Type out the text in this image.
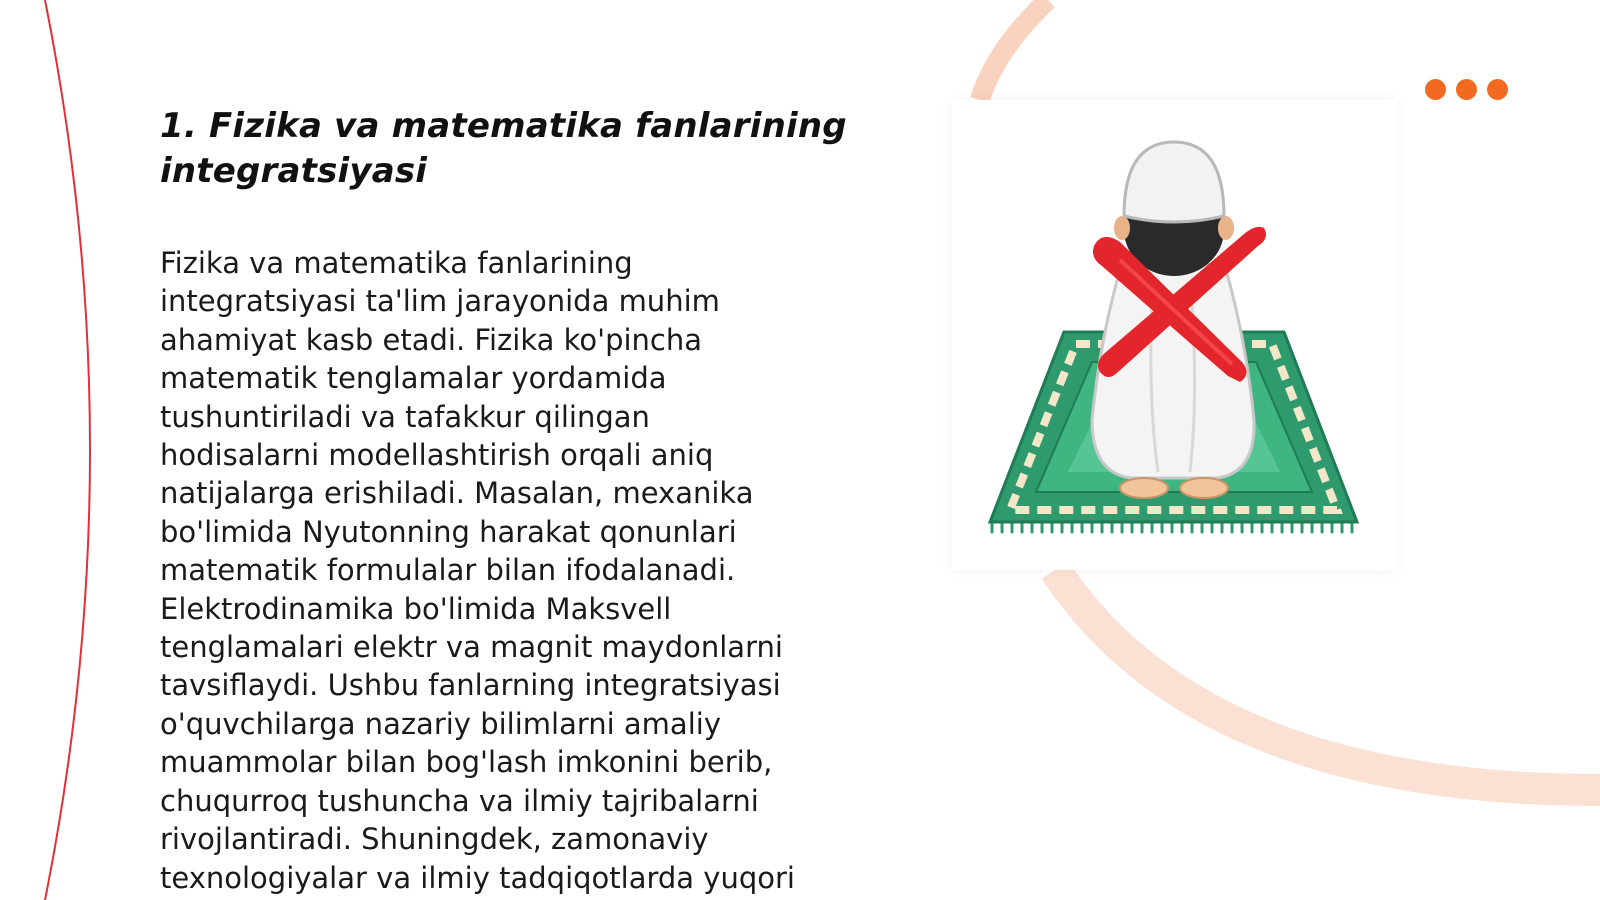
1. Fizika va matematika fanlarining
integratsiyasi

Fizika va matematika fanlarining
integratsiyasi ta'lim jarayonida muhim
ahamiyat kasb etadi. Fizika ko'pincha
matematik tenglamalar yordamida
tushuntiriladi va tafakkur qilingan
hodisalarni modellashtirish orqali aniq
natijalarga erishiladi. Masalan, mexanika
bo'limida Nyutonning harakat qonunlari
matematik formulalar bilan ifodalanadi.
Elektrodinamika bo'limida Maksvell
tenglamalari elektr va magnit maydonlarni
tavsiflaydi. Ushbu fanlarning integratsiyasi
o'quvchilarga nazariy bilimlarni amaliy
muammolar bilan bog'lash imkonini berib,
chuqurroq tushuncha va ilmiy tajribalarni
rivojlantiradi. Shuningdek, zamonaviy
texnologiyalar va ilmiy tadqiqotlarda yuqori
